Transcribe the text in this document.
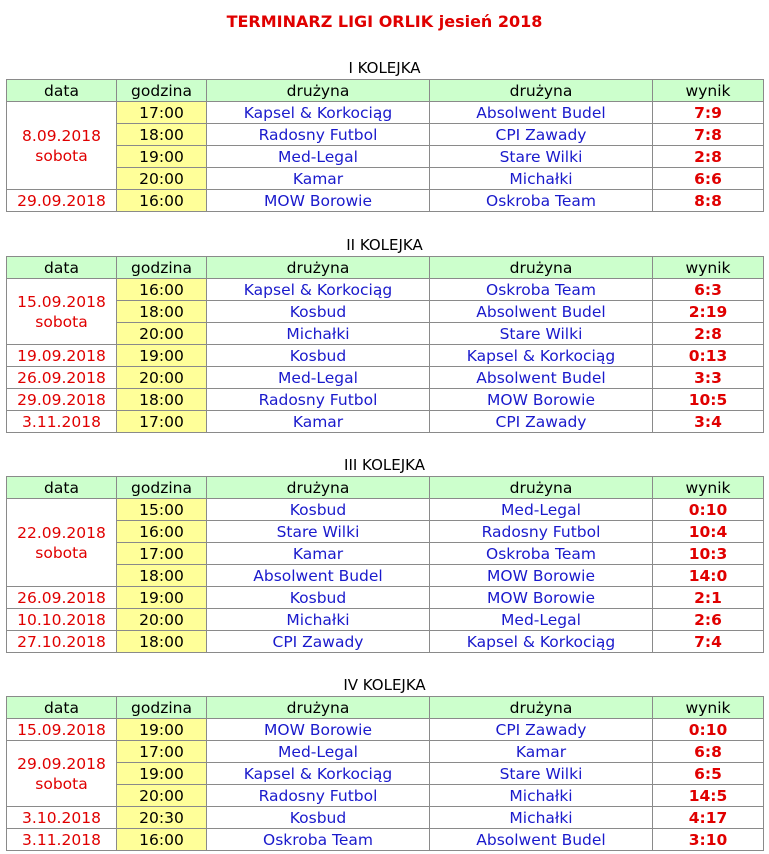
TERMINARZ LIGI ORLIK jesień 2018
I KOLEJKA
data	godzina	drużyna	drużyna	wynik

8.09.2018
sobota	17:00	Kapsel & Korkociąg	Absolwent Budel	7:9
	18:00	Radosny Futbol	CPI Zawady	7:8
	19:00	Med-Legal	Stare Wilki	2:8
	20:00	Kamar	Michałki	6:6

29.09.2018	16:00	MOW Borowie	Oskroba Team	8:8
II KOLEJKA
data	godzina	drużyna	drużyna	wynik

15.09.2018
sobota	16:00	Kapsel & Korkociąg	Oskroba Team	6:3
	18:00	Kosbud	Absolwent Budel	2:19
	20:00	Michałki	Stare Wilki	2:8

19.09.2018	19:00	Kosbud	Kapsel & Korkociąg	0:13

26.09.2018	20:00	Med-Legal	Absolwent Budel	3:3

29.09.2018	18:00	Radosny Futbol	MOW Borowie	10:5

3.11.2018	17:00	Kamar	CPI Zawady	3:4
III KOLEJKA
data	godzina	drużyna	drużyna	wynik

22.09.2018
sobota	15:00	Kosbud	Med-Legal	0:10
	16:00	Stare Wilki	Radosny Futbol	10:4
	17:00	Kamar	Oskroba Team	10:3
	18:00	Absolwent Budel	MOW Borowie	14:0

26.09.2018	19:00	Kosbud	MOW Borowie	2:1

10.10.2018	20:00	Michałki	Med-Legal	2:6

27.10.2018	18:00	CPI Zawady	Kapsel & Korkociąg	7:4
IV KOLEJKA
data	godzina	drużyna	drużyna	wynik

15.09.2018	19:00	MOW Borowie	CPI Zawady	0:10

29.09.2018
sobota	17:00	Med-Legal	Kamar	6:8
	19:00	Kapsel & Korkociąg	Stare Wilki	6:5
	20:00	Radosny Futbol	Michałki	14:5

3.10.2018	20:30	Kosbud	Michałki	4:17

3.11.2018	16:00	Oskroba Team	Absolwent Budel	3:10
